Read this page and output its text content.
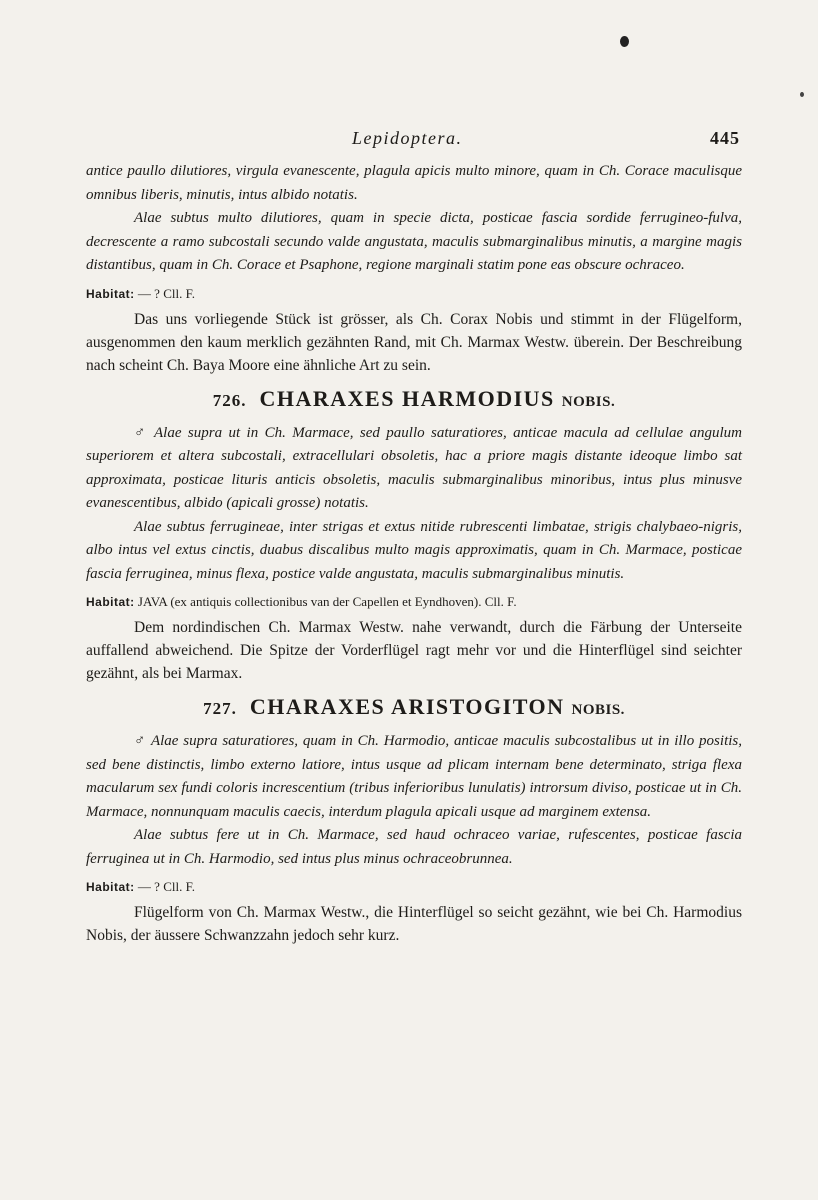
Lepidoptera.	445

antice paullo dilutiores, virgula evanescente, plagula apicis multo minore, quam in Ch. Corace maculisque omnibus liberis, minutis, intus albido notatis.

Alae subtus multo dilutiores, quam in specie dicta, posticae fascia sordide ferrugineo-fulva, decrescente a ramo subcostali secundo valde angustata, maculis submarginalibus minutis, a margine magis distantibus, quam in Ch. Corace et Psaphone, regione marginali statim pone eas obscure ochraceo.

Habitat: — ? Cll. F.

Das uns vorliegende Stück ist grösser, als Ch. Corax Nobis und stimmt in der Flügelform, ausgenommen den kaum merklich gezähnten Rand, mit Ch. Marmax Westw. überein. Der Beschreibung nach scheint Ch. Baya Moore eine ähnliche Art zu sein.

726. CHARAXES HARMODIUS NOBIS.

♂ Alae supra ut in Ch. Marmace, sed paullo saturatiores, anticae macula ad cellulae angulum superiorem et altera subcostali, extracellulari obsoletis, hac a priore magis distante ideoque limbo sat approximata, posticae lituris anticis obsoletis, maculis submarginalibus minoribus, intus plus minusve evanescentibus, albido (apicali grosse) notatis.

Alae subtus ferrugineae, inter strigas et extus nitide rubrescenti limbatae, strigis chalybaeo-nigris, albo intus vel extus cinctis, duabus discalibus multo magis approximatis, quam in Ch. Marmace, posticae fascia ferruginea, minus flexa, postice valde angustata, maculis submarginalibus minutis.

Habitat: JAVA (ex antiquis collectionibus van der Capellen et Eyndhoven). Cll. F.

Dem nordindischen Ch. Marmax Westw. nahe verwandt, durch die Färbung der Unterseite auffallend abweichend. Die Spitze der Vorderflügel ragt mehr vor und die Hinterflügel sind seichter gezähnt, als bei Marmax.

727. CHARAXES ARISTOGITON NOBIS.

♂ Alae supra saturatiores, quam in Ch. Harmodio, anticae maculis subcostalibus ut in illo positis, sed bene distinctis, limbo externo latiore, intus usque ad plicam internam bene determinato, striga flexa macularum sex fundi coloris increscentium (tribus inferioribus lunulatis) introrsum diviso, posticae ut in Ch. Marmace, nonnunquam maculis caecis, interdum plagula apicali usque ad marginem extensa.

Alae subtus fere ut in Ch. Marmace, sed haud ochraceo variae, rufescentes, posticae fascia ferruginea ut in Ch. Harmodio, sed intus plus minus ochraceobrunnea.

Habitat: — ? Cll. F.

Flügelform von Ch. Marmax Westw., die Hinterflügel so seicht gezähnt, wie bei Ch. Harmodius Nobis, der äussere Schwanzzahn jedoch sehr kurz.
